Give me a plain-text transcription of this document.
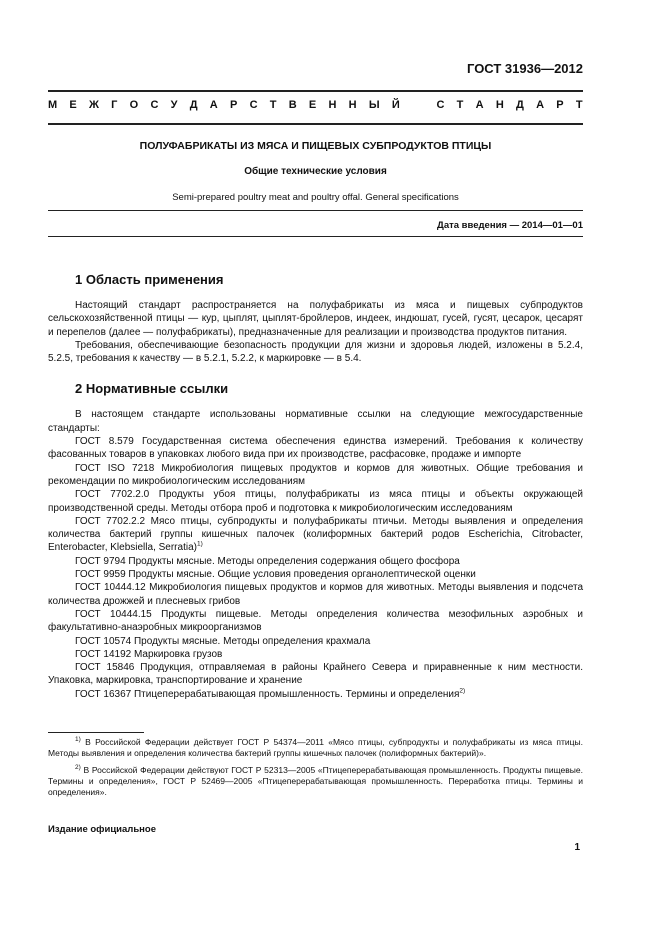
ГОСТ 31936—2012
М Е Ж Г О С У Д А Р С Т В Е Н Н Ы Й	С Т А Н Д А Р Т
ПОЛУФАБРИКАТЫ ИЗ МЯСА И ПИЩЕВЫХ СУБПРОДУКТОВ ПТИЦЫ
Общие технические условия
Semi-prepared poultry meat and poultry offal. General specifications
Дата введения — 2014—01—01
1 Область применения

Настоящий стандарт распространяется на полуфабрикаты из мяса и пищевых субпродуктов сельскохозяйственной птицы — кур, цыплят, цыплят-бройлеров, индеек, индюшат, гусей, гусят, цесарок, цесарят и перепелов (далее — полуфабрикаты), предназначенные для реализации и производства продуктов питания.

Требования, обеспечивающие безопасность продукции для жизни и здоровья людей, изложены в 5.2.4, 5.2.5, требования к качеству — в 5.2.1, 5.2.2, к маркировке — в 5.4.

2 Нормативные ссылки

В настоящем стандарте использованы нормативные ссылки на следующие межгосударственные стандарты:

ГОСТ 8.579 Государственная система обеспечения единства измерений. Требования к количеству фасованных товаров в упаковках любого вида при их производстве, расфасовке, продаже и импорте

ГОСТ ISO 7218 Микробиология пищевых продуктов и кормов для животных. Общие требования и рекомендации по микробиологическим исследованиям

ГОСТ 7702.2.0 Продукты убоя птицы, полуфабрикаты из мяса птицы и объекты окружающей производственной среды. Методы отбора проб и подготовка к микробиологическим исследованиям

ГОСТ 7702.2.2 Мясо птицы, субпродукты и полуфабрикаты птичьи. Методы выявления и определения количества бактерий группы кишечных палочек (колиформных бактерий родов Escherichia, Citrobacter, Enterobacter, Klebsiella, Serratia)$^{1)}$

ГОСТ 9794 Продукты мясные. Методы определения содержания общего фосфора

ГОСТ 9959 Продукты мясные. Общие условия проведения органолептической оценки

ГОСТ 10444.12 Микробиология пищевых продуктов и кормов для животных. Методы выявления и подсчета количества дрожжей и плесневых грибов

ГОСТ 10444.15 Продукты пищевые. Методы определения количества мезофильных аэробных и факультативно-анаэробных микроорганизмов

ГОСТ 10574 Продукты мясные. Методы определения крахмала

ГОСТ 14192 Маркировка грузов

ГОСТ 15846 Продукция, отправляемая в районы Крайнего Севера и приравненные к ним местности. Упаковка, маркировка, транспортирование и хранение

ГОСТ 16367 Птицеперерабатывающая промышленность. Термины и определения$^{2)}$

$^{1)}$ В Российской Федерации действует ГОСТ Р 54374—2011 «Мясо птицы, субпродукты и полуфабрикаты из мяса птицы. Методы выявления и определения количества бактерий группы кишечных палочек (полиформных бактерий)».

$^{2)}$ В Российской Федерации действуют ГОСТ Р 52313—2005 «Птицеперерабатывающая промышленность. Продукты пищевые. Термины и определения», ГОСТ Р 52469—2005 «Птицеперерабатывающая промышленность. Переработка птицы. Термины и определения».

Издание официальное
1
